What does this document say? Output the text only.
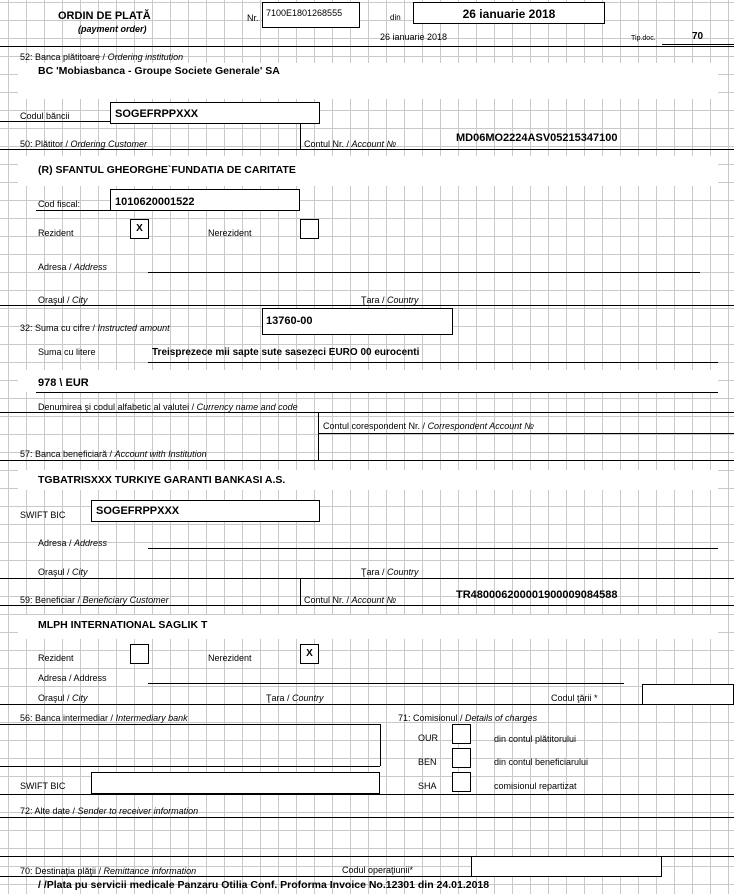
ORDIN DE PLATĂ
(payment order)
Nr. 7100E1801268555	din	26 ianuarie 2018
26 ianuarie 2018	Tip.doc.	70
52: Banca plătitoare / Ordering institution
BC 'Mobiasbanca - Groupe Societe Generale' SA
Codul băncii	SOGEFRPPXXX
50: Plătitor / Ordering Customer	Contul Nr. / Account №	MD06MO2224ASV05215347100
(R) SFANTUL GHEORGHE`FUNDATIA DE CARITATE
Cod fiscal:	1010620001522
Rezident	X	Nerezident
Adresa / Address
Oraşul / City	Ţara / Country
32: Suma cu cifre / Instructed amount
13760-00
Suma cu litere	Treisprezece mii sapte sute sasezeci EURO 00 eurocenti
978 \ EUR
Denumirea şi codul alfabetic al valutei / Currency name and code
Contul corespondent Nr. / Correspondent Account №
57: Banca beneficiară / Account with Institution
TGBATRISXXX TURKIYE GARANTI BANKASI A.S.
SWIFT BIC	SOGEFRPPXXX
Adresa / Address
Oraşul / City	Ţara / Country
59: Beneficiar / Beneficiary Customer	Contul Nr. / Account №	TR480006200001900009084588
MLPH INTERNATIONAL SAGLIK T
Rezident	Nerezident	X
Adresa / Address
Oraşul / City	Ţara / Country	Codul ţării *
56: Banca intermediar / Intermediary bank	71: Comisionul / Details of charges
OUR	din contul plătitorului
BEN	din contul beneficiarului
SHA	comisionul repartizat
SWIFT BIC
72: Alte date / Sender to receiver information
70: Destinaţia plăţii / Remittance information	Codul operaţiunii*
/ /Plata pu servicii medicale Panzaru Otilia Conf. Proforma Invoice No.12301 din 24.01.2018
